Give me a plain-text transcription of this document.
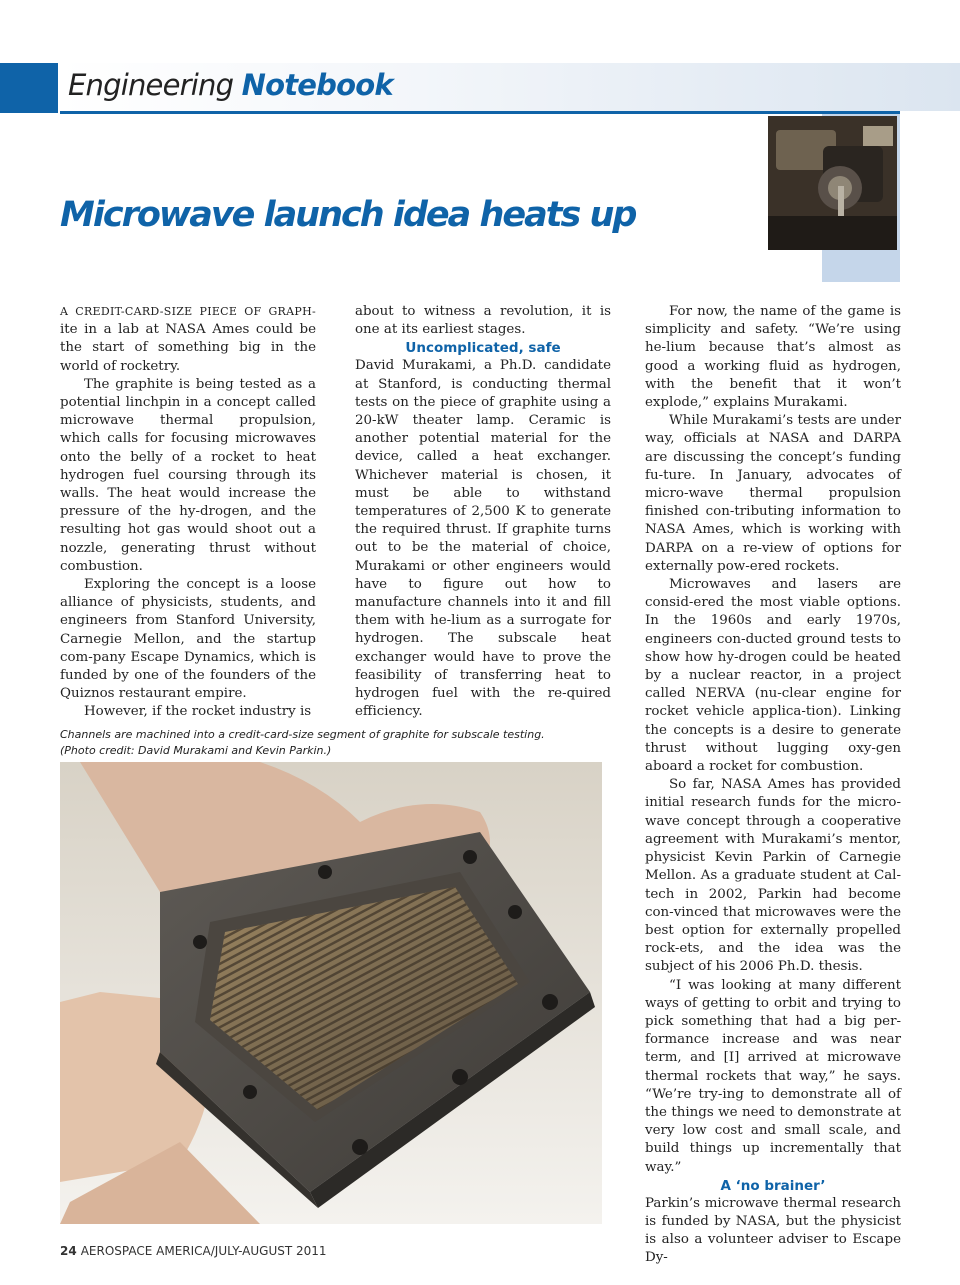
Engineering Notebook
Microwave launch idea heats up

A CREDIT-CARD-SIZE PIECE OF GRAPH-ite in a lab at NASA Ames could be the start of something big in the world of rocketry.

The graphite is being tested as a potential linchpin in a concept called microwave thermal propulsion, which calls for focusing microwaves onto the belly of a rocket to heat hydrogen fuel coursing through its walls. The heat would increase the pressure of the hy-drogen, and the resulting hot gas would shoot out a nozzle, generating thrust without combustion.

Exploring the concept is a loose alliance of physicists, students, and engineers from Stanford University, Carnegie Mellon, and the startup com-pany Escape Dynamics, which is funded by one of the founders of the Quiznos restaurant empire.

However, if the rocket industry is

about to witness a revolution, it is one at its earliest stages.

Uncomplicated, safe

David Murakami, a Ph.D. candidate at Stanford, is conducting thermal tests on the piece of graphite using a 20-kW theater lamp. Ceramic is another potential material for the device, called a heat exchanger. Whichever material is chosen, it must be able to withstand temperatures of 2,500 K to generate the required thrust. If graphite turns out to be the material of choice, Murakami or other engineers would have to figure out how to manufacture channels into it and fill them with he-lium as a surrogate for hydrogen. The subscale heat exchanger would have to prove the feasibility of transferring heat to hydrogen fuel with the re-quired efficiency.

For now, the name of the game is simplicity and safety. “We’re using he-lium because that’s almost as good a working fluid as hydrogen, with the benefit that it won’t explode,” explains Murakami.

While Murakami’s tests are under way, officials at NASA and DARPA are discussing the concept’s funding fu-ture. In January, advocates of micro-wave thermal propulsion finished con-tributing information to NASA Ames, which is working with DARPA on a re-view of options for externally pow-ered rockets.

Microwaves and lasers are consid-ered the most viable options. In the 1960s and early 1970s, engineers con-ducted ground tests to show how hy-drogen could be heated by a nuclear reactor, in a project called NERVA (nu-clear engine for rocket vehicle applica-tion). Linking the concepts is a desire to generate thrust without lugging oxy-gen aboard a rocket for combustion.

So far, NASA Ames has provided initial research funds for the micro-wave concept through a cooperative agreement with Murakami’s mentor, physicist Kevin Parkin of Carnegie Mellon. As a graduate student at Cal-tech in 2002, Parkin had become con-vinced that microwaves were the best option for externally propelled rock-ets, and the idea was the subject of his 2006 Ph.D. thesis.

“I was looking at many different ways of getting to orbit and trying to pick something that had a big per-formance increase and was near term, and [I] arrived at microwave thermal rockets that way,” he says. “We’re try-ing to demonstrate all of the things we need to demonstrate at very low cost and small scale, and build things up incrementally that way.”

A ‘no brainer’

Parkin’s microwave thermal research is funded by NASA, but the physicist is also a volunteer adviser to Escape Dy-

Channels are machined into a credit-card-size segment of graphite for subscale testing.
(Photo credit: David Murakami and Kevin Parkin.)

24 AEROSPACE AMERICA/JULY-AUGUST 2011
